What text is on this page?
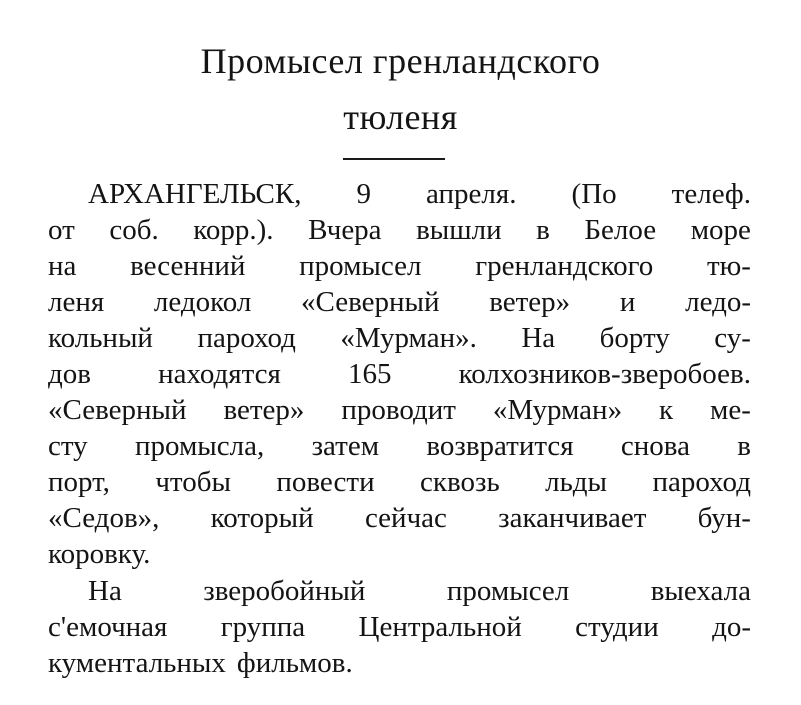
Промысел гренландского
тюленя
АРХАНГЕЛЬСК, 9 апреля. (По телеф.
от соб. корр.). Вчера вышли в Белое море
на весенний промысел гренландского тю-
леня ледокол «Северный ветер» и ледо-
кольный пароход «Мурман». На борту су-
дов находятся 165 колхозников-зверобоев.
«Северный ветер» проводит «Мурман» к ме-
сту промысла, затем возвратится снова в
порт, чтобы повести сквозь льды пароход
«Седов», который сейчас заканчивает бун-
коровку.
На	зверобойный	промысел	выехала
с'емочная группа Центральной студии до-
кументальных фильмов.
